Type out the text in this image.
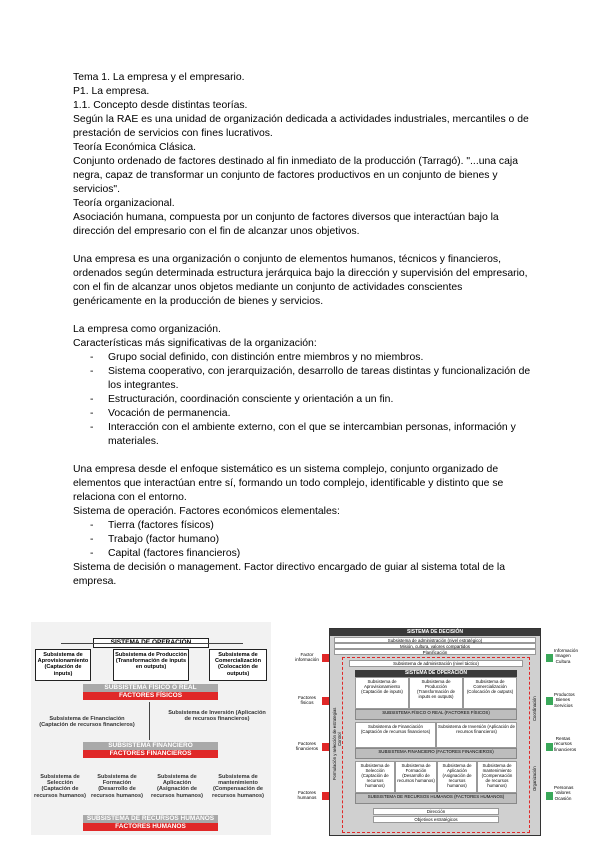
Tema 1. La empresa y el empresario.

P1. La empresa.

1.1. Concepto desde distintas teorías.

Según la RAE es una unidad de organización dedicada a actividades industriales, mercantiles o de prestación de servicios con fines lucrativos.

Teoría Económica Clásica.

Conjunto ordenado de factores destinado al fin inmediato de la producción (Tarragó). "...una caja negra, capaz de transformar un conjunto de factores productivos en un conjunto de bienes y servicios".

Teoría organizacional.

Asociación humana, compuesta por un conjunto de factores diversos que interactúan bajo la dirección del empresario con el fin de alcanzar unos objetivos.

Una empresa es una organización o conjunto de elementos humanos, técnicos y financieros, ordenados según determinada estructura jerárquica bajo la dirección y supervisión del empresario, con el fin de alcanzar unos objetos mediante un conjunto de actividades conscientes genéricamente en la producción de bienes y servicios.

La empresa como organización.

Características más significativas de la organización:

- Grupo social definido, con distinción entre miembros y no miembros.
- Sistema cooperativo, con jerarquización, desarrollo de tareas distintas y funcionalización de los integrantes.
- Estructuración, coordinación consciente y orientación a un fin.
- Vocación de permanencia.
- Interacción con el ambiente externo, con el que se intercambian personas, información y materiales.

Una empresa desde el enfoque sistemático es un sistema complejo, conjunto organizado de elementos que interactúan entre sí, formando un todo complejo, identificable y distinto que se relaciona con el entorno.

Sistema de operación. Factores económicos elementales:

- Tierra (factores físicos)
- Trabajo (factor humano)
- Capital (factores financieros)

Sistema de decisión o management. Factor directivo encargado de guiar al sistema total de la empresa.

Subsistema de Aprovisionamiento (Captación de inputs)
Subsistema de Producción (Transformación de inputs en outputs)
Subsistema de Comercialización (Colocación de outputs)
SUBSISTEMA FÍSICO O REAL
FACTORES FÍSICOS
Subsistema de Financiación (Captación de recursos financieros)
Subsistema de Inversión (Aplicación de recursos financieros)
SUBSISTEMA FINANCIERO
FACTORES FINANCIEROS
Subsistema de Selección (Captación de recursos humanos)
Subsistema de Formación (Desarrollo de recursos humanos)
Subsistema de Aplicación (Asignación de recursos humanos)
Subsistema de mantenimiento (Compensación de recursos humanos)
SUBSISTEMA DE RECURSOS HUMANOS
FACTORES HUMANOS
SISTEMA DE DECISIÓN
Subsistema de administración (nivel estratégico)
Misión, cultura, valores compartidos
Planificación
Subsistema de administración (nivel táctico)
SISTEMA DE OPERACIÓN
Subsistema de Aprovisionamiento (Captación de inputs)
Subsistema de Producción (Transformación de inputs en outputs)
Subsistema de Comercialización (Colocación de outputs)
SUBSISTEMA FÍSICO O REAL (FACTORES FÍSICOS)
Subsistema de Financiación (Captación de recursos financieros)
Subsistema de Inversión (Aplicación de recursos financieros)
SUBSISTEMA FINANCIERO (FACTORES FINANCIEROS)
Subsistema de Selección (Captación de recursos humanos)
Subsistema de Formación (Desarrollo de recursos humanos)
Subsistema de Aplicación (Asignación de recursos humanos)
Subsistema de mantenimiento (Compensación de recursos humanos)
SUBSISTEMA DE RECURSOS HUMANOS (FACTORES HUMANOS)
Dirección
Objetivos estratégicos
Formulación y selección de estrategias Control
Coordinación
Organización
Factor información
Factores físicos
Factores financieros
Factores humanos
Información Imagen Cultura
Productos Bienes Servicios
Rentas recursos financieros
Personas Valores Ocasión
